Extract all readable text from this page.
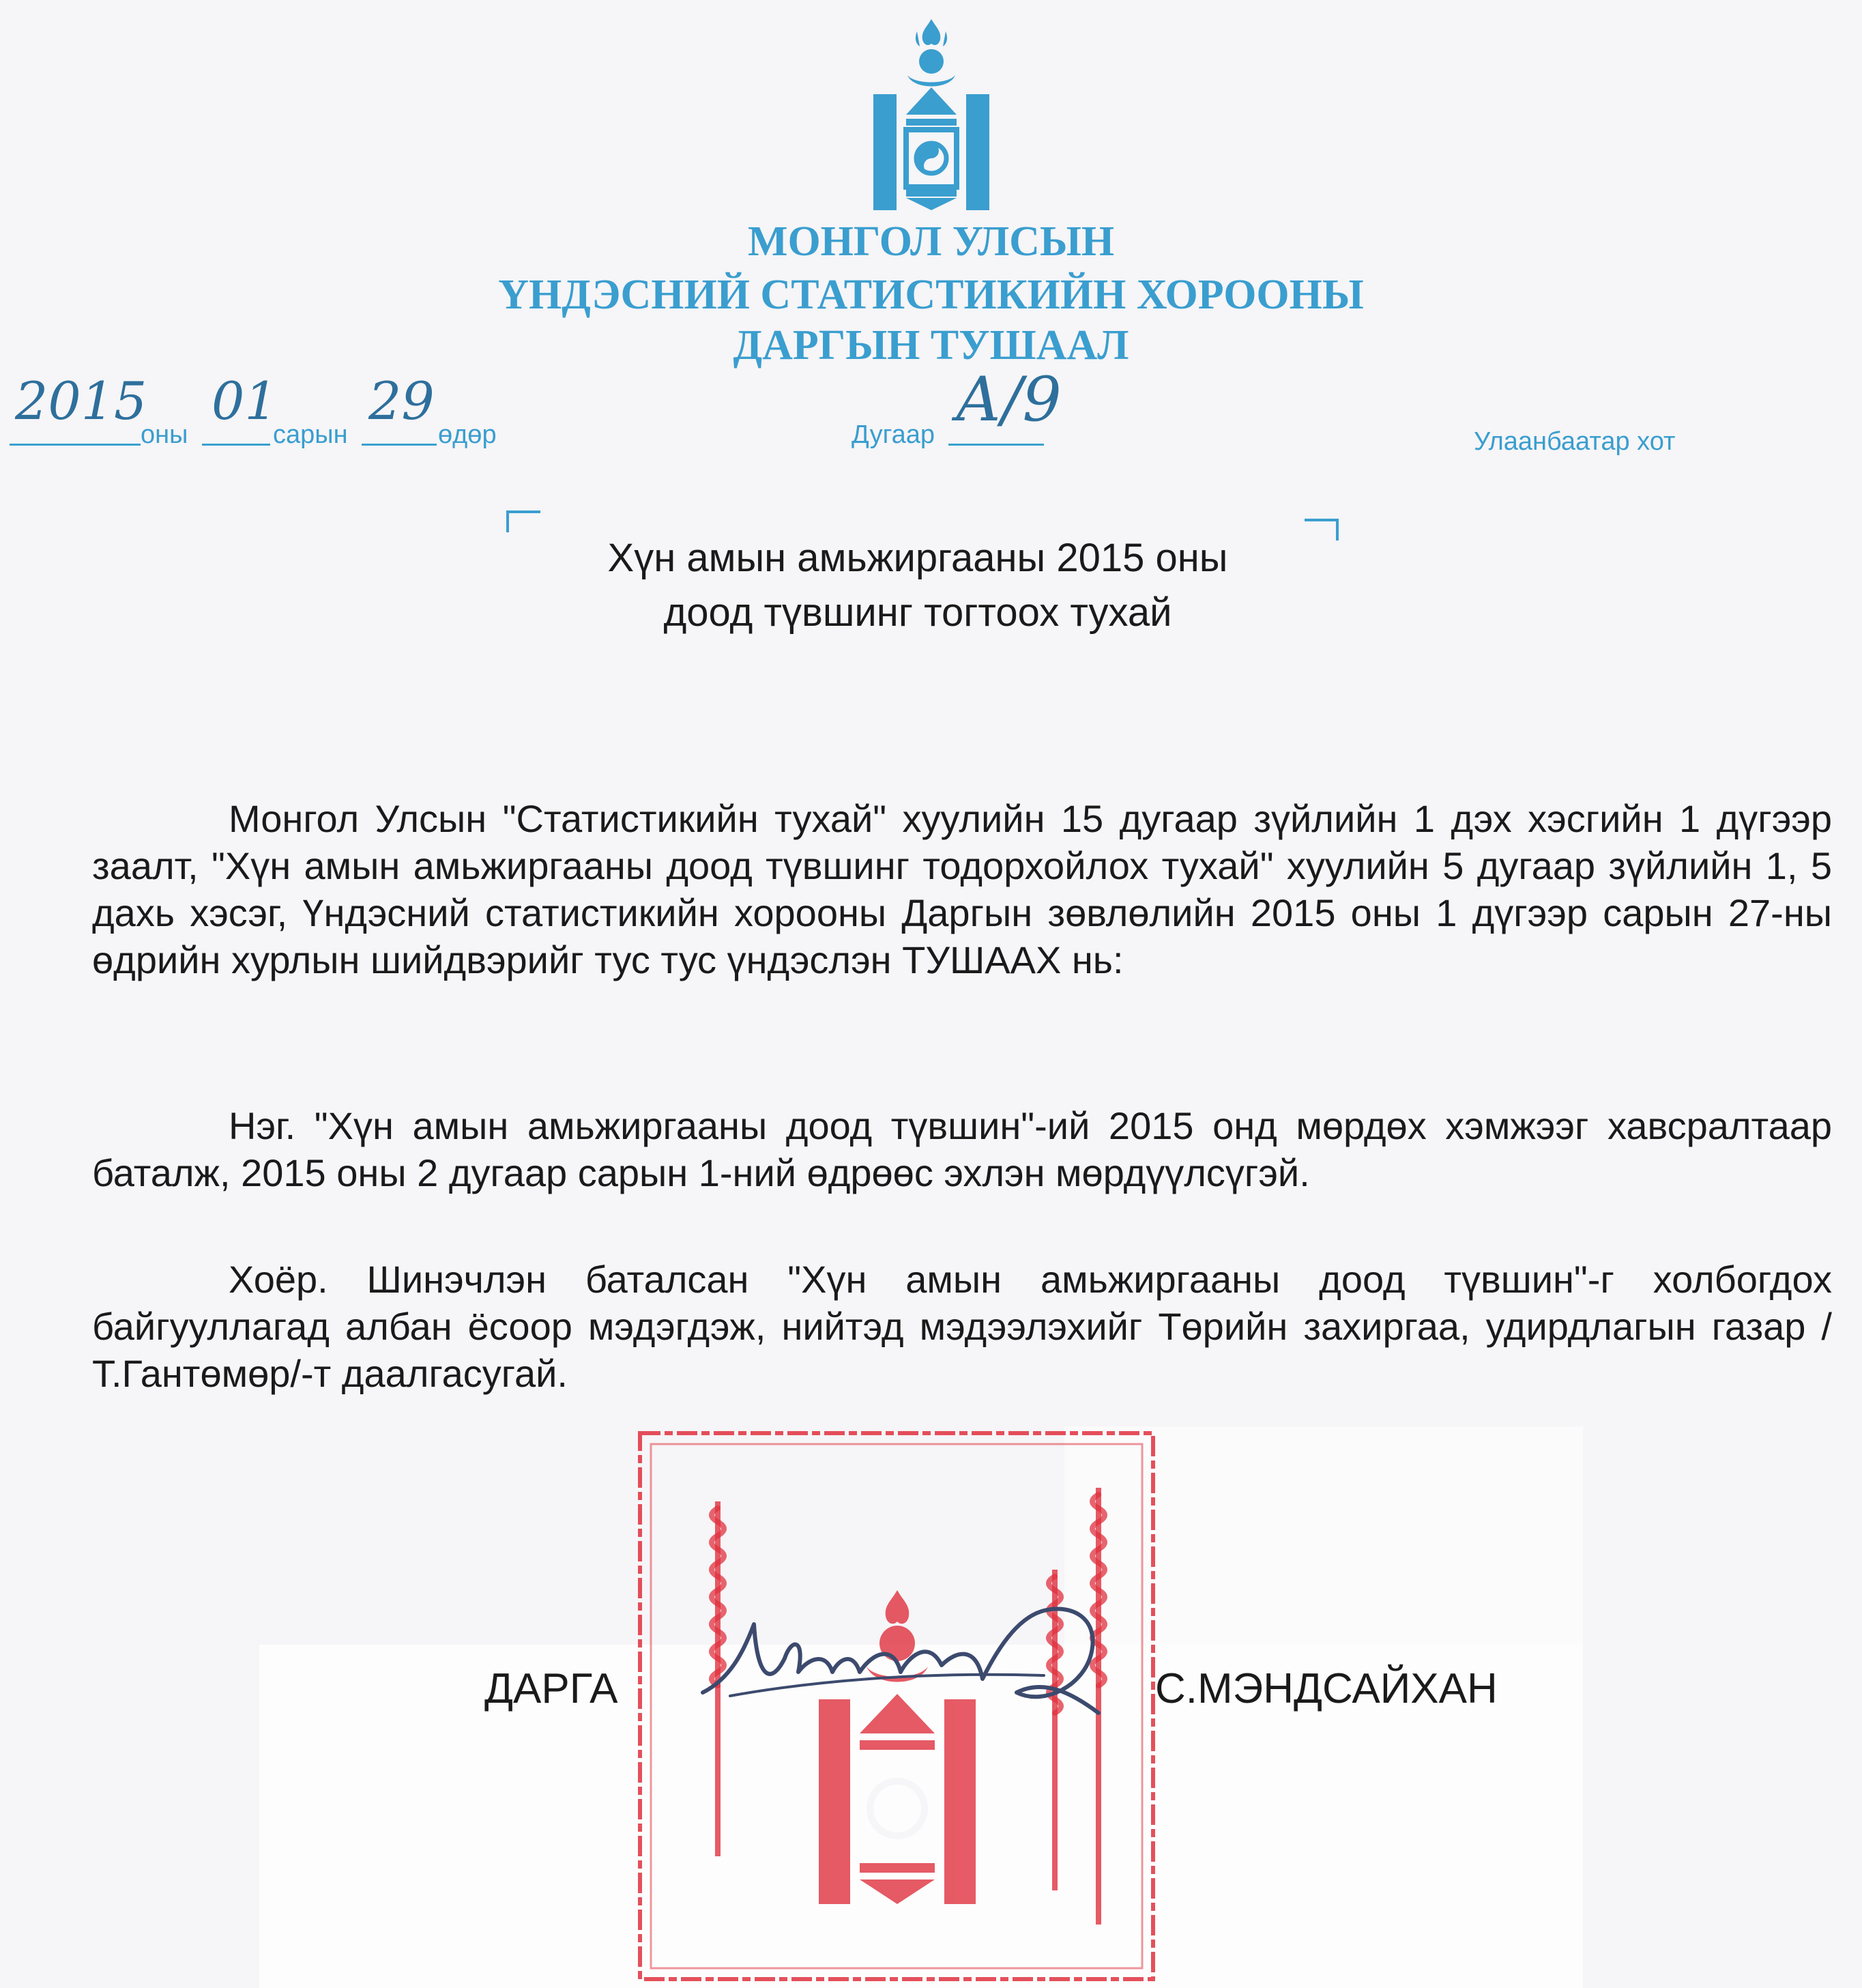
МОНГОЛ УЛСЫН
ҮНДЭСНИЙ СТАТИСТИКИЙН ХОРООНЫ
ДАРГЫН ТУШААЛ
2015
оны
01
сарын
29
өдөр	Дугаар А/9
Улаанбаатар хот
Хүн амын амьжиргааны 2015 оны
доод түвшинг тогтоох тухай
Монгол Улсын "Статистикийн тухай" хуулийн 15 дугаар зүйлийн 1 дэх хэсгийн 1 дүгээр заалт, "Хүн амын амьжиргааны доод түвшинг тодорхойлох тухай" хуулийн 5 дугаар зүйлийн 1, 5 дахь хэсэг, Үндэсний статистикийн хорооны Даргын зөвлөлийн 2015 оны 1 дүгээр сарын 27-ны өдрийн хурлын шийдвэрийг тус тус үндэслэн ТУШААХ нь:
Нэг. "Хүн амын амьжиргааны доод түвшин"-ий 2015 онд мөрдөх хэмжээг хавсралтаар баталж, 2015 оны 2 дугаар сарын 1-ний өдрөөс эхлэн мөрдүүлсүгэй.
Хоёр. Шинэчлэн баталсан "Хүн амын амьжиргааны доод түвшин"-г холбогдох байгууллагад албан ёсоор мэдэгдэж, нийтэд мэдээлэхийг Төрийн захиргаа, удирдлагын газар /Т.Гантөмөр/-т даалгасугай.
ДАРГА	С.МЭНДСАЙХАН
